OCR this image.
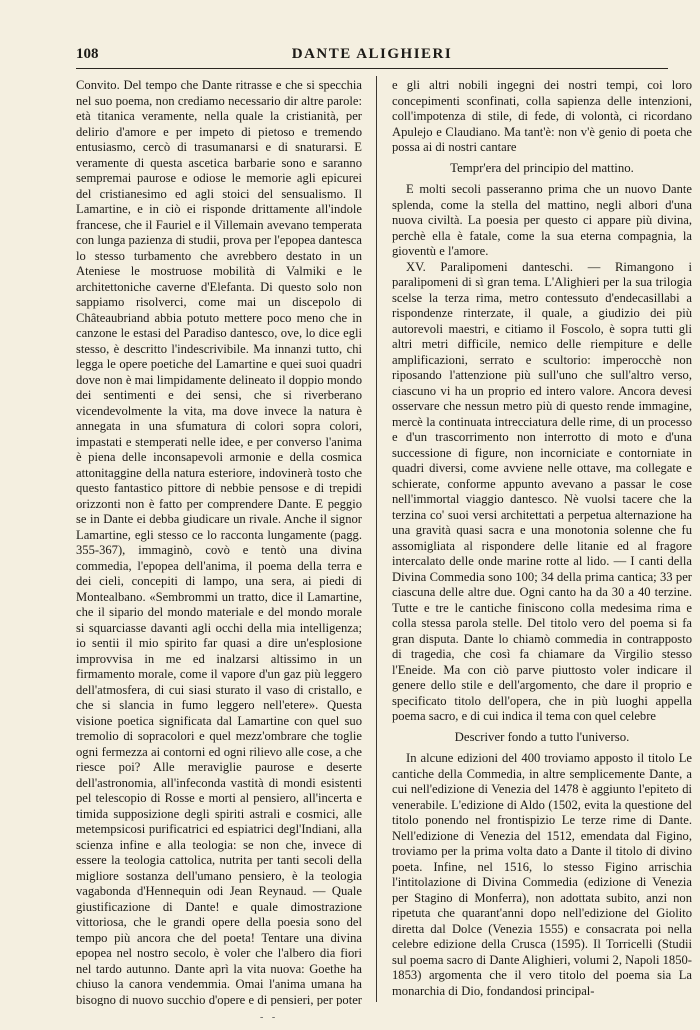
108	DANTE ALIGHIERI

Convito. Del tempo che Dante ritrasse e che si specchia nel suo poema, non crediamo necessario dir altre parole: età titanica veramente, nella quale la cristianità, per delirio d'amore e per impeto di pietoso e tremendo entusiasmo, cercò di trasumanarsi e di snaturarsi. E veramente di questa ascetica barbarie sono e saranno sempremai paurose e odiose le memorie agli epicurei del cristianesimo ed agli stoici del sensualismo. Il Lamartine, e in ciò ei risponde drittamente all'indole francese, che il Fauriel e il Villemain avevano temperata con lunga pazienza di studii, prova per l'epopea dantesca lo stesso turbamento che avrebbero destato in un Ateniese le mostruose mobilità di Valmiki e le architettoniche caverne d'Elefanta. Di questo solo non sappiamo risolverci, come mai un discepolo di Châteaubriand abbia potuto mettere poco meno che in canzone le estasi del Paradiso dantesco, ove, lo dice egli stesso, è descritto l'indescrivibile. Ma innanzi tutto, chi legga le opere poetiche del Lamartine e quei suoi quadri dove non è mai limpidamente delineato il doppio mondo dei sentimenti e dei sensi, che si riverberano vicendevolmente la vita, ma dove invece la natura è annegata in una sfumatura di colori sopra colori, impastati e stemperati nelle idee, e per converso l'anima è piena delle inconsapevoli armonie e della cosmica attonitaggine della natura esteriore, indovinerà tosto che questo fantastico pittore di nebbie pensose e di trepidi orizzonti non è fatto per comprendere Dante. E peggio se in Dante ei debba giudicare un rivale. Anche il signor Lamartine, egli stesso ce lo racconta lungamente (pagg. 355-367), immaginò, covò e tentò una divina commedia, l'epopea dell'anima, il poema della terra e dei cieli, concepiti di lampo, una sera, ai piedi di Montealbano. «Sembrommi un tratto, dice il Lamartine, che il sipario del mondo materiale e del mondo morale si squarciasse davanti agli occhi della mia intelligenza; io sentii il mio spirito far quasi a dire un'esplosione improvvisa in me ed inalzarsi altissimo in un firmamento morale, come il vapore d'un gaz più leggero dell'atmosfera, di cui siasi sturato il vaso di cristallo, e che si slancia in fumo leggero nell'etere». Questa visione poetica significata dal Lamartine con quel suo tremolio di sopracolori e quel mezz'ombrare che toglie ogni fermezza ai contorni ed ogni rilievo alle cose, a che riesce poi? Alle meraviglie paurose e deserte dell'astronomia, all'infeconda vastità di mondi esistenti pel telescopio di Rosse e morti al pensiero, all'incerta e timida supposizione degli spiriti astrali e cosmici, alle metempsicosi purificatrici ed espiatrici degl'Indiani, alla scienza infine e alla teologia: se non che, invece di essere la teologia cattolica, nutrita per tanti secoli della migliore sostanza dell'umano pensiero, è la teologia vagabonda d'Hennequin odi Jean Reynaud. — Quale giustificazione di Dante! e quale dimostrazione vittoriosa, che le grandi opere della poesia sono del tempo più ancora che del poeta! Tentare una divina epopea nel nostro secolo, è voler che l'albero dia fiori nel tardo autunno. Dante aprì la vita nuova: Goethe ha chiuso la canora vendemmia. Omai l'anima umana ha bisogno di nuovo succhio d'opere e di pensieri, per poter

e gli altri nobili ingegni dei nostri tempi, coi loro concepimenti sconfinati, colla sapienza delle intenzioni, coll'impotenza di stile, di fede, di volontà, ci ricordano Apulejo e Claudiano. Ma tant'è: non v'è genio di poeta che possa ai di nostri cantare

Tempr'era del principio del mattino.

E molti secoli passeranno prima che un nuovo Dante splenda, come la stella del mattino, negli albori d'una nuova civiltà. La poesia per questo ci appare più divina, perchè ella è fatale, come la sua eterna compagnia, la gioventù e l'amore.

XV. Paralipomeni danteschi. — Rimangono i paralipomeni di sì gran tema. L'Alighieri per la sua trilogia scelse la terza rima, metro contessuto d'endecasillabi a rispondenze rinterzate, il quale, a giudizio dei più autorevoli maestri, e citiamo il Foscolo, è sopra tutti gli altri metri difficile, nemico delle riempiture e delle amplificazioni, serrato e scultorio: imperocchè non riposando l'attenzione più sull'uno che sull'altro verso, ciascuno vi ha un proprio ed intero valore. Ancora devesi osservare che nessun metro più di questo rende immagine, mercè la continuata intrecciatura delle rime, di un processo e d'un trascorrimento non interrotto di moto e d'una successione di figure, non incorniciate e contorniate in quadri diversi, come avviene nelle ottave, ma collegate e schierate, conforme appunto avevano a passar le cose nell'immortal viaggio dantesco. Nè vuolsi tacere che la terzina co' suoi versi architettati a perpetua alternazione ha una gravità quasi sacra e una monotonia solenne che fu assomigliata al rispondere delle litanie ed al fragore intercalato delle onde marine rotte al lido. — I canti della Divina Commedia sono 100; 34 della prima cantica; 33 per ciascuna delle altre due. Ogni canto ha da 30 a 40 terzine. Tutte e tre le cantiche finiscono colla medesima rima e colla stessa parola stelle. Del titolo vero del poema si fa gran disputa. Dante lo chiamò commedia in contrapposto di tragedia, che così fa chiamare da Virgilio stesso l'Eneide. Ma con ciò parve piuttosto voler indicare il genere dello stile e dell'argomento, che dare il proprio e specificato titolo dell'opera, che in più luoghi appella poema sacro, e di cui indica il tema con quel celebre

Descriver fondo a tutto l'universo.

In alcune edizioni del 400 troviamo apposto il titolo Le cantiche della Commedia, in altre semplicemente Dante, a cui nell'edizione di Venezia del 1478 è aggiunto l'epiteto di venerabile. L'edizione di Aldo (1502, evita la questione del titolo ponendo nel frontispizio Le terze rime di Dante. Nell'edizione di Venezia del 1512, emendata dal Figino, troviamo per la prima volta dato a Dante il titolo di divino poeta. Infine, nel 1516, lo stesso Figino arrischia l'intitolazione di Divina Commedia (edizione di Venezia per Stagino di Monferra), non adottata subito, anzi non ripetuta che quarant'anni dopo nell'edizione del Giolito diretta dal Dolce (Venezia 1555) e consacrata poi nella celebre edizione della Crusca (1595). Il Torricelli (Studii sul poema sacro di Dante Alighieri, volumi 2, Napoli 1850-1853) argomenta che il vero titolo del poema sia La monarchia di Dio, fondandosi principal-

- -
